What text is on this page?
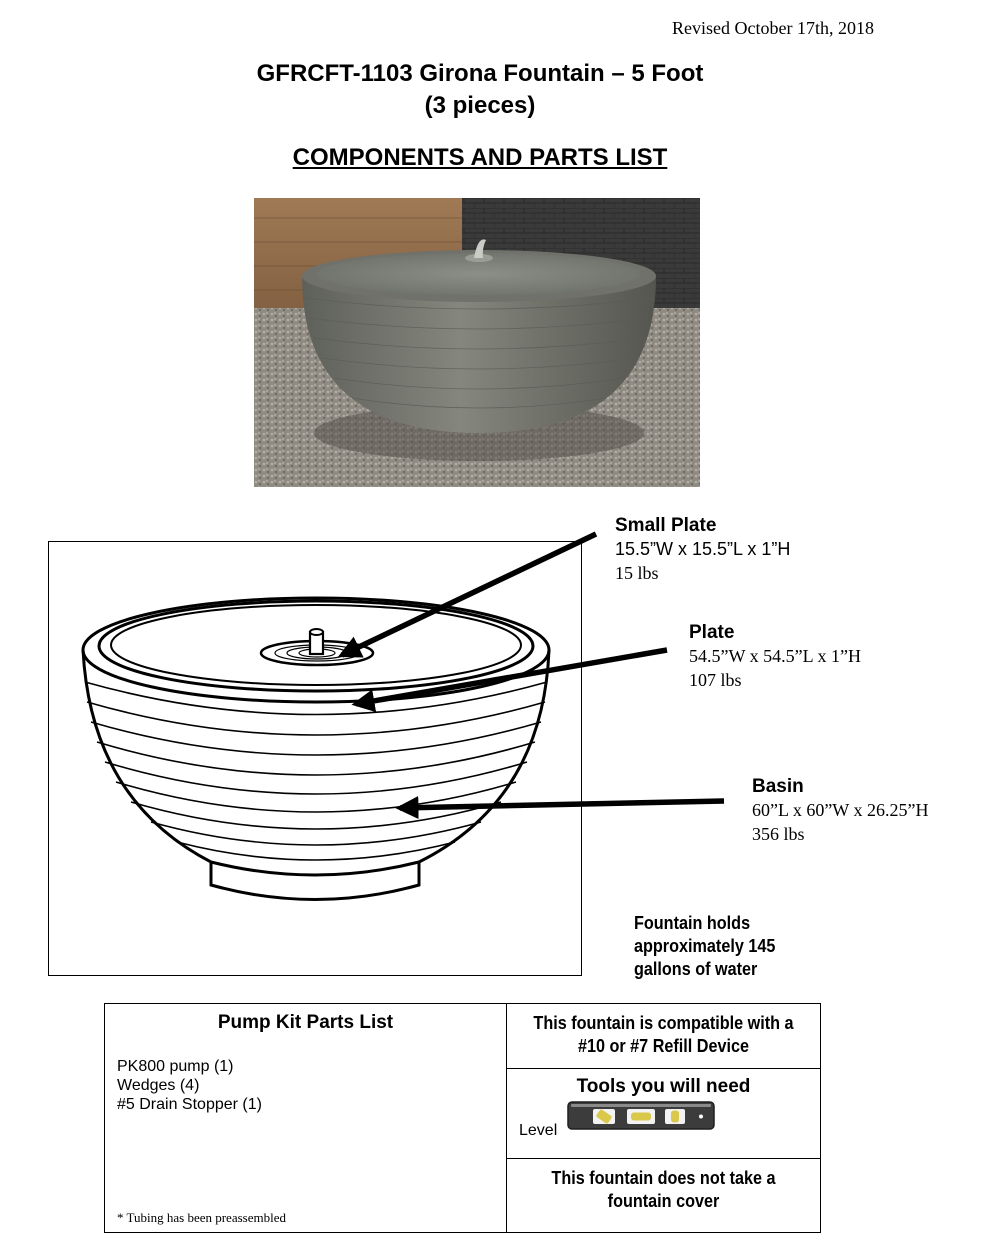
Revised October 17th, 2018
GFRCFT-1103 Girona Fountain – 5 Foot
(3 pieces)
COMPONENTS AND PARTS LIST
Small Plate
15.5”W x 15.5”L x 1”H
15 lbs
Plate
54.5”W x 54.5”L x 1”H
107 lbs
Basin
60”L x 60”W x 26.25”H
356 lbs
Fountain holds
approximately 145
gallons of water
Pump Kit Parts List
PK800 pump (1)
Wedges (4)
#5 Drain Stopper (1)
* Tubing has been preassembled
This fountain is compatible with a
#10 or #7 Refill Device
Tools you will need
Level
This fountain does not take a
fountain cover
